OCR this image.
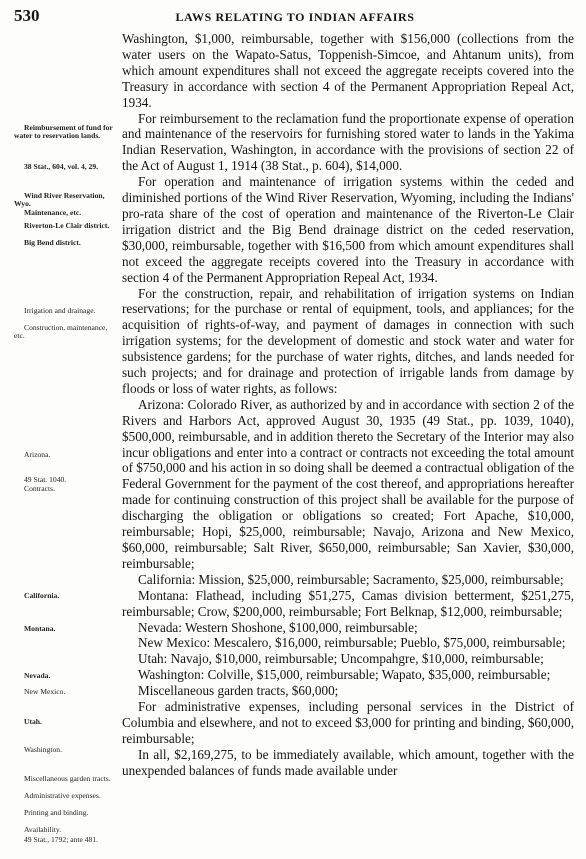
530	LAWS RELATING TO INDIAN AFFAIRS

Washington, $1,000, reimbursable, together with $156,000 (collections from the water users on the Wapato-Satus, Toppenish-Simcoe, and Ahtanum units), from which amount expenditures shall not exceed the aggregate receipts covered into the Treasury in accordance with section 4 of the Permanent Appropriation Repeal Act, 1934.

For reimbursement to the reclamation fund the proportionate expense of operation and maintenance of the reservoirs for furnishing stored water to lands in the Yakima Indian Reservation, Washington, in accordance with the provisions of section 22 of the Act of August 1, 1914 (38 Stat., p. 604), $14,000.

For operation and maintenance of irrigation systems within the ceded and diminished portions of the Wind River Reservation, Wyoming, including the Indians' pro-rata share of the cost of operation and maintenance of the Riverton-Le Clair irrigation district and the Big Bend drainage district on the ceded reservation, $30,000, reimbursable, together with $16,500 from which amount expenditures shall not exceed the aggregate receipts covered into the Treasury in accordance with section 4 of the Permanent Appropriation Repeal Act, 1934.

For the construction, repair, and rehabilitation of irrigation systems on Indian reservations; for the purchase or rental of equipment, tools, and appliances; for the acquisition of rights-of-way, and payment of damages in connection with such irrigation systems; for the development of domestic and stock water and water for subsistence gardens; for the purchase of water rights, ditches, and lands needed for such projects; and for drainage and protection of irrigable lands from damage by floods or loss of water rights, as follows:

Arizona: Colorado River, as authorized by and in accordance with section 2 of the Rivers and Harbors Act, approved August 30, 1935 (49 Stat., pp. 1039, 1040), $500,000, reimbursable, and in addition thereto the Secretary of the Interior may also incur obligations and enter into a contract or contracts not exceeding the total amount of $750,000 and his action in so doing shall be deemed a contractual obligation of the Federal Government for the payment of the cost thereof, and appropriations hereafter made for continuing construction of this project shall be available for the purpose of discharging the obligation or obligations so created; Fort Apache, $10,000, reimbursable; Hopi, $25,000, reimbursable; Navajo, Arizona and New Mexico, $60,000, reimbursable; Salt River, $650,000, reimbursable; San Xavier, $30,000, reimbursable;

California: Mission, $25,000, reimbursable; Sacramento, $25,000, reimbursable;

Montana: Flathead, including $51,275, Camas division betterment, $251,275, reimbursable; Crow, $200,000, reimbursable; Fort Belknap, $12,000, reimbursable;

Nevada: Western Shoshone, $100,000, reimbursable;

New Mexico: Mescalero, $16,000, reimbursable; Pueblo, $75,000, reimbursable;

Utah: Navajo, $10,000, reimbursable; Uncompahgre, $10,000, reimbursable;

Washington: Colville, $15,000, reimbursable; Wapato, $35,000, reimbursable;

Miscellaneous garden tracts, $60,000;

For administrative expenses, including personal services in the District of Columbia and elsewhere, and not to exceed $3,000 for printing and binding, $60,000, reimbursable;

In all, $2,169,275, to be immediately available, which amount, together with the unexpended balances of funds made available under

Reimbursement of fund for water to reservation lands.
38 Stat., 604, vol. 4, 29.
Wind River Reservation, Wyo.
Maintenance, etc.
Riverton-Le Clair district.
Big Bend district.
Irrigation and drainage.
Construction, maintenance, etc.
Arizona.
49 Stat. 1040.
Contracts.
California.
Montana.
Nevada.
New Mexico.
Utah.
Washington.
Miscellaneous garden tracts.
Administrative expenses.
Printing and binding.
Availability.
49 Stat., 1792; ante 481.
